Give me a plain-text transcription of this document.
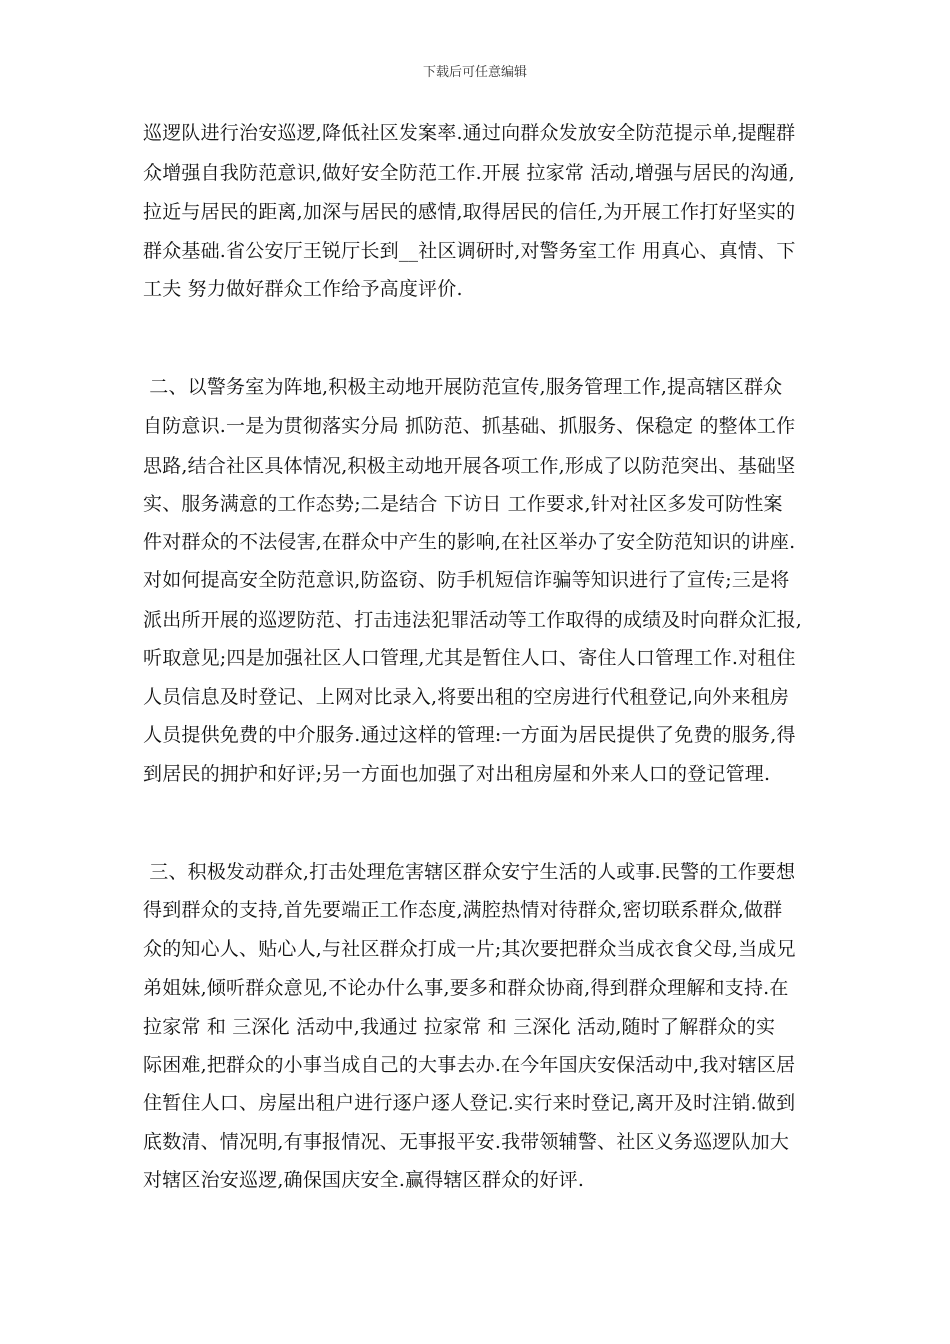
下载后可任意编辑
巡逻队进行治安巡逻,降低社区发案率.通过向群众发放安全防范提示单,提醒群
众增强自我防范意识,做好安全防范工作.开展 拉家常 活动,增强与居民的沟通,
拉近与居民的距离,加深与居民的感情,取得居民的信任,为开展工作打好坚实的
群众基础.省公安厅王锐厅长到__社区调研时,对警务室工作 用真心、真情、下
工夫 努力做好群众工作给予高度评价.
二、以警务室为阵地,积极主动地开展防范宣传,服务管理工作,提高辖区群众
自防意识.一是为贯彻落实分局 抓防范、抓基础、抓服务、保稳定 的整体工作
思路,结合社区具体情况,积极主动地开展各项工作,形成了以防范突出、基础坚
实、服务满意的工作态势;二是结合 下访日 工作要求,针对社区多发可防性案
件对群众的不法侵害,在群众中产生的影响,在社区举办了安全防范知识的讲座.
对如何提高安全防范意识,防盗窃、防手机短信诈骗等知识进行了宣传;三是将
派出所开展的巡逻防范、打击违法犯罪活动等工作取得的成绩及时向群众汇报,
听取意见;四是加强社区人口管理,尤其是暂住人口、寄住人口管理工作.对租住
人员信息及时登记、上网对比录入,将要出租的空房进行代租登记,向外来租房
人员提供免费的中介服务.通过这样的管理:一方面为居民提供了免费的服务,得
到居民的拥护和好评;另一方面也加强了对出租房屋和外来人口的登记管理.
三、积极发动群众,打击处理危害辖区群众安宁生活的人或事.民警的工作要想
得到群众的支持,首先要端正工作态度,满腔热情对待群众,密切联系群众,做群
众的知心人、贴心人,与社区群众打成一片;其次要把群众当成衣食父母,当成兄
弟姐妹,倾听群众意见,不论办什么事,要多和群众协商,得到群众理解和支持.在
拉家常 和 三深化 活动中,我通过 拉家常 和 三深化 活动,随时了解群众的实
际困难,把群众的小事当成自己的大事去办.在今年国庆安保活动中,我对辖区居
住暂住人口、房屋出租户进行逐户逐人登记.实行来时登记,离开及时注销.做到
底数清、情况明,有事报情况、无事报平安.我带领辅警、社区义务巡逻队加大
对辖区治安巡逻,确保国庆安全.赢得辖区群众的好评.
